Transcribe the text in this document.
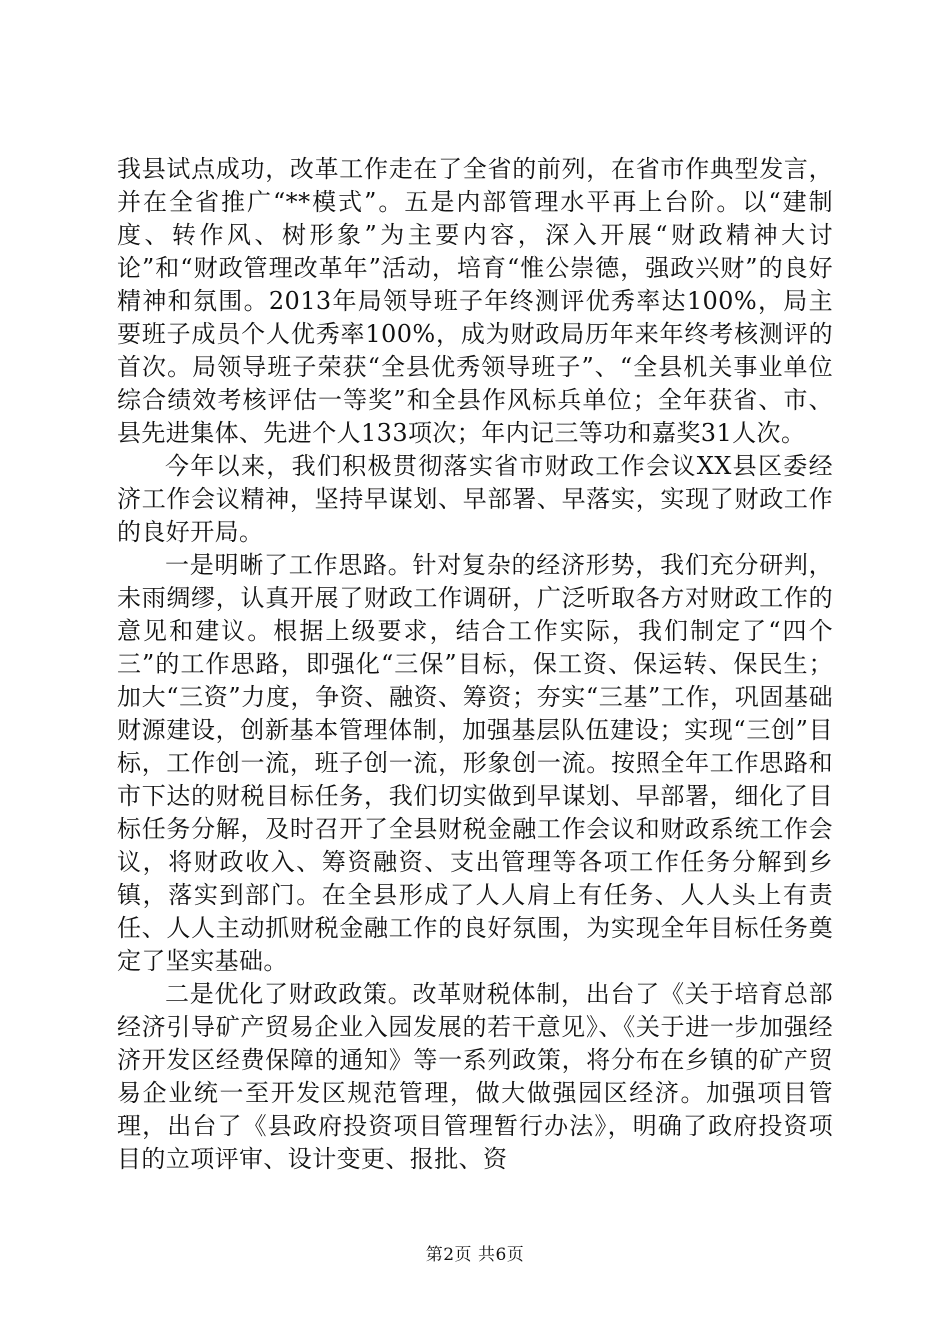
我县试点成功，改革工作走在了全省的前列，在省市作典型发言，并在全省推广“**模式”。五是内部管理水平再上台阶。以“建制度、转作风、树形象”为主要内容，深入开展“财政精神大讨论”和“财政管理改革年”活动，培育“惟公崇德，强政兴财”的良好精神和氛围。2013年局领导班子年终测评优秀率达100%，局主要班子成员个人优秀率100%，成为财政局历年来年终考核测评的首次。局领导班子荣获“全县优秀领导班子”、“全县机关事业单位综合绩效考核评估一等奖”和全县作风标兵单位；全年获省、市、县先进集体、先进个人133项次；年内记三等功和嘉奖31人次。

今年以来，我们积极贯彻落实省市财政工作会议XX县区委经济工作会议精神，坚持早谋划、早部署、早落实，实现了财政工作的良好开局。

一是明晰了工作思路。针对复杂的经济形势，我们充分研判，未雨绸缪，认真开展了财政工作调研，广泛听取各方对财政工作的意见和建议。根据上级要求，结合工作实际，我们制定了“四个三”的工作思路，即强化“三保”目标，保工资、保运转、保民生；加大“三资”力度，争资、融资、筹资；夯实“三基”工作，巩固基础财源建设，创新基本管理体制，加强基层队伍建设；实现“三创”目标，工作创一流，班子创一流，形象创一流。按照全年工作思路和市下达的财税目标任务，我们切实做到早谋划、早部署，细化了目标任务分解，及时召开了全县财税金融工作会议和财政系统工作会议，将财政收入、筹资融资、支出管理等各项工作任务分解到乡镇，落实到部门。在全县形成了人人肩上有任务、人人头上有责任、人人主动抓财税金融工作的良好氛围，为实现全年目标任务奠定了坚实基础。

二是优化了财政政策。改革财税体制，出台了《关于培育总部经济引导矿产贸易企业入园发展的若干意见》、《关于进一步加强经济开发区经费保障的通知》等一系列政策，将分布在乡镇的矿产贸易企业统一至开发区规范管理，做大做强园区经济。加强项目管理，出台了《县政府投资项目管理暂行办法》，明确了政府投资项目的立项评审、设计变更、报批、资

第2页 共6页
